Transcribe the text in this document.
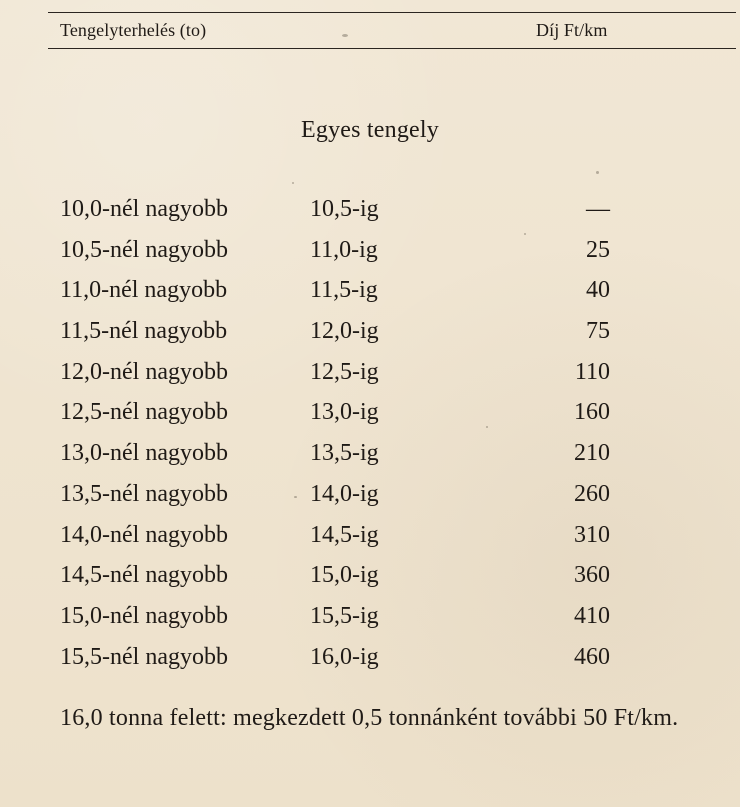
Tengelyterhelés (to)	Díj Ft/km
Egyes tengely
10,0-nél nagyobb	10,5-ig	—
10,5-nél nagyobb	11,0-ig	25
11,0-nél nagyobb	11,5-ig	40
11,5-nél nagyobb	12,0-ig	75
12,0-nél nagyobb	12,5-ig	110
12,5-nél nagyobb	13,0-ig	160
13,0-nél nagyobb	13,5-ig	210
13,5-nél nagyobb	14,0-ig	260
14,0-nél nagyobb	14,5-ig	310
14,5-nél nagyobb	15,0-ig	360
15,0-nél nagyobb	15,5-ig	410
15,5-nél nagyobb	16,0-ig	460
16,0 tonna felett: megkezdett 0,5 tonnánként további 50 Ft/km.
